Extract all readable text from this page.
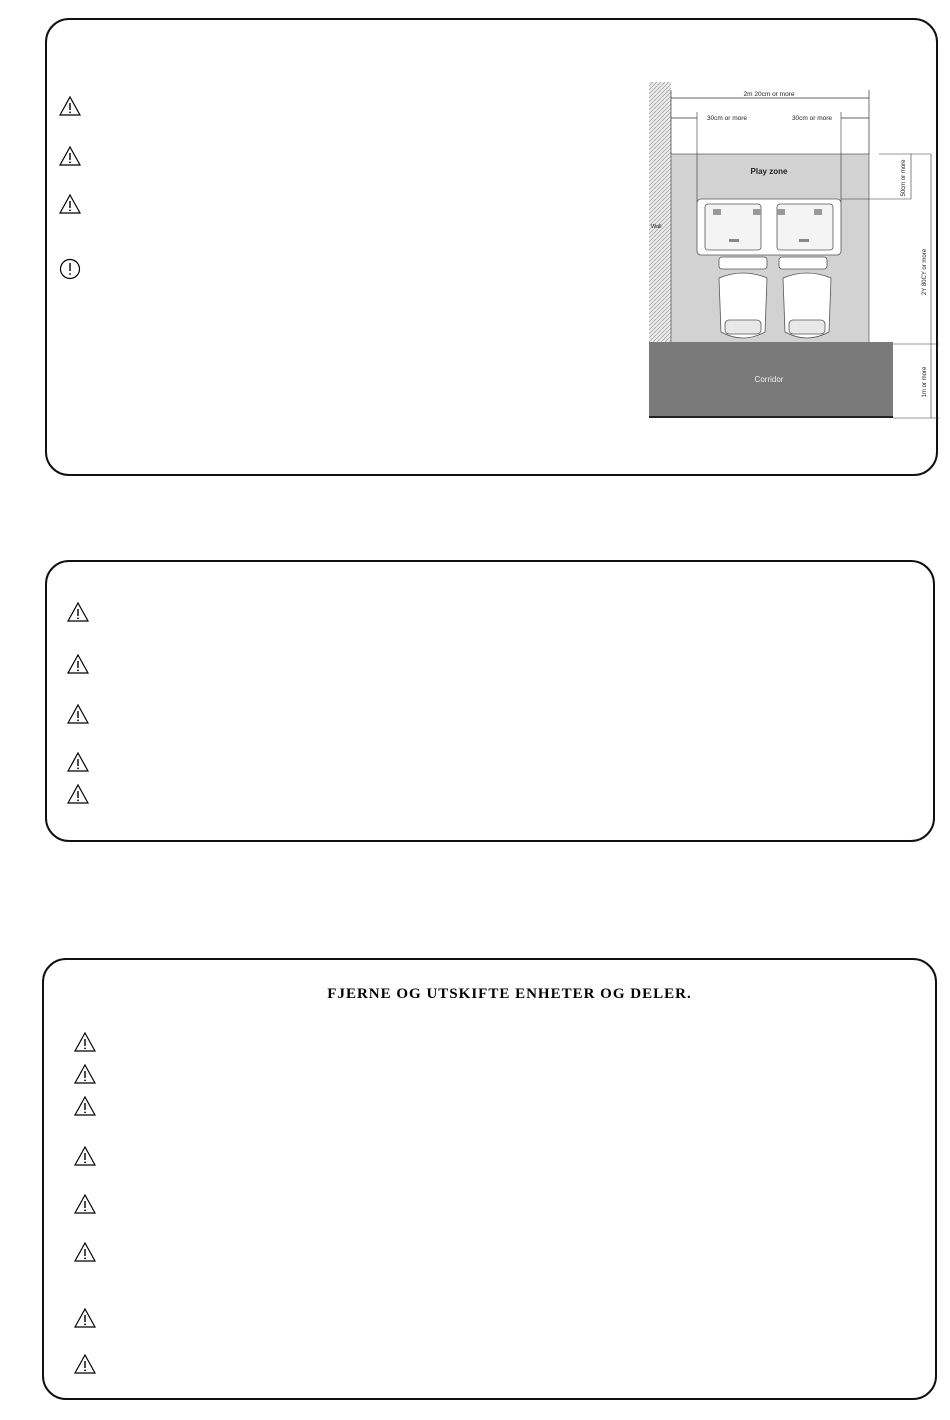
2m 20cm or more
30cm or more	30cm or more
50cm or more
2Y 80CY or more
1m or more
Play zone
Wall
Corridor
FJERNE OG UTSKIFTE ENHETER OG DELER.
